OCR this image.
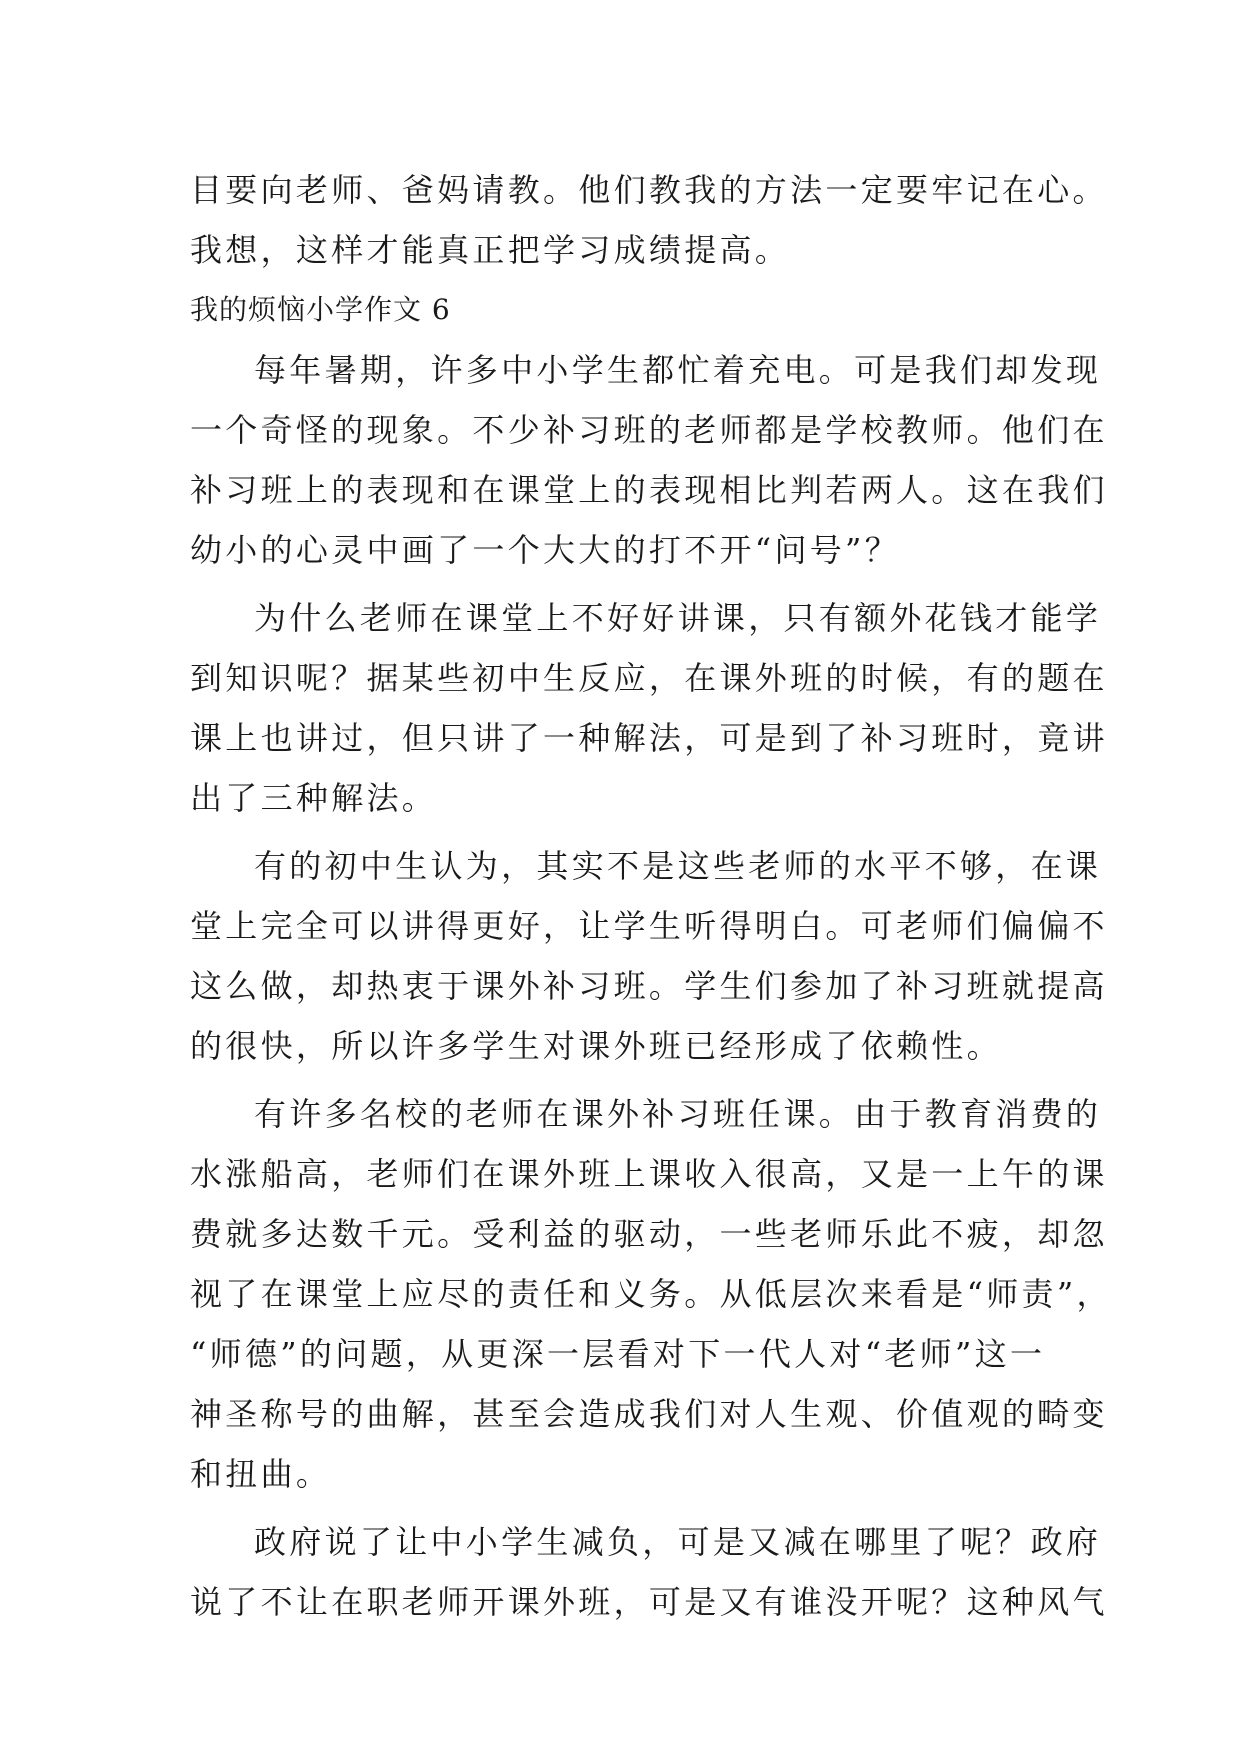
目要向老师、爸妈请教。他们教我的方法一定要牢记在心。
我想，这样才能真正把学习成绩提高。
我的烦恼小学作文 6
每年暑期，许多中小学生都忙着充电。可是我们却发现
一个奇怪的现象。不少补习班的老师都是学校教师。他们在
补习班上的表现和在课堂上的表现相比判若两人。这在我们
幼小的心灵中画了一个大大的打不开“问号”？
为什么老师在课堂上不好好讲课，只有额外花钱才能学
到知识呢？据某些初中生反应，在课外班的时候，有的题在
课上也讲过，但只讲了一种解法，可是到了补习班时，竟讲
出了三种解法。
有的初中生认为，其实不是这些老师的水平不够，在课
堂上完全可以讲得更好，让学生听得明白。可老师们偏偏不
这么做，却热衷于课外补习班。学生们参加了补习班就提高
的很快，所以许多学生对课外班已经形成了依赖性。
有许多名校的老师在课外补习班任课。由于教育消费的
水涨船高，老师们在课外班上课收入很高，又是一上午的课
费就多达数千元。受利益的驱动，一些老师乐此不疲，却忽
视了在课堂上应尽的责任和义务。从低层次来看是“师责”，
“师德”的问题，从更深一层看对下一代人对“老师”这一
神圣称号的曲解，甚至会造成我们对人生观、价值观的畸变
和扭曲。
政府说了让中小学生减负，可是又减在哪里了呢？政府
说了不让在职老师开课外班，可是又有谁没开呢？这种风气
